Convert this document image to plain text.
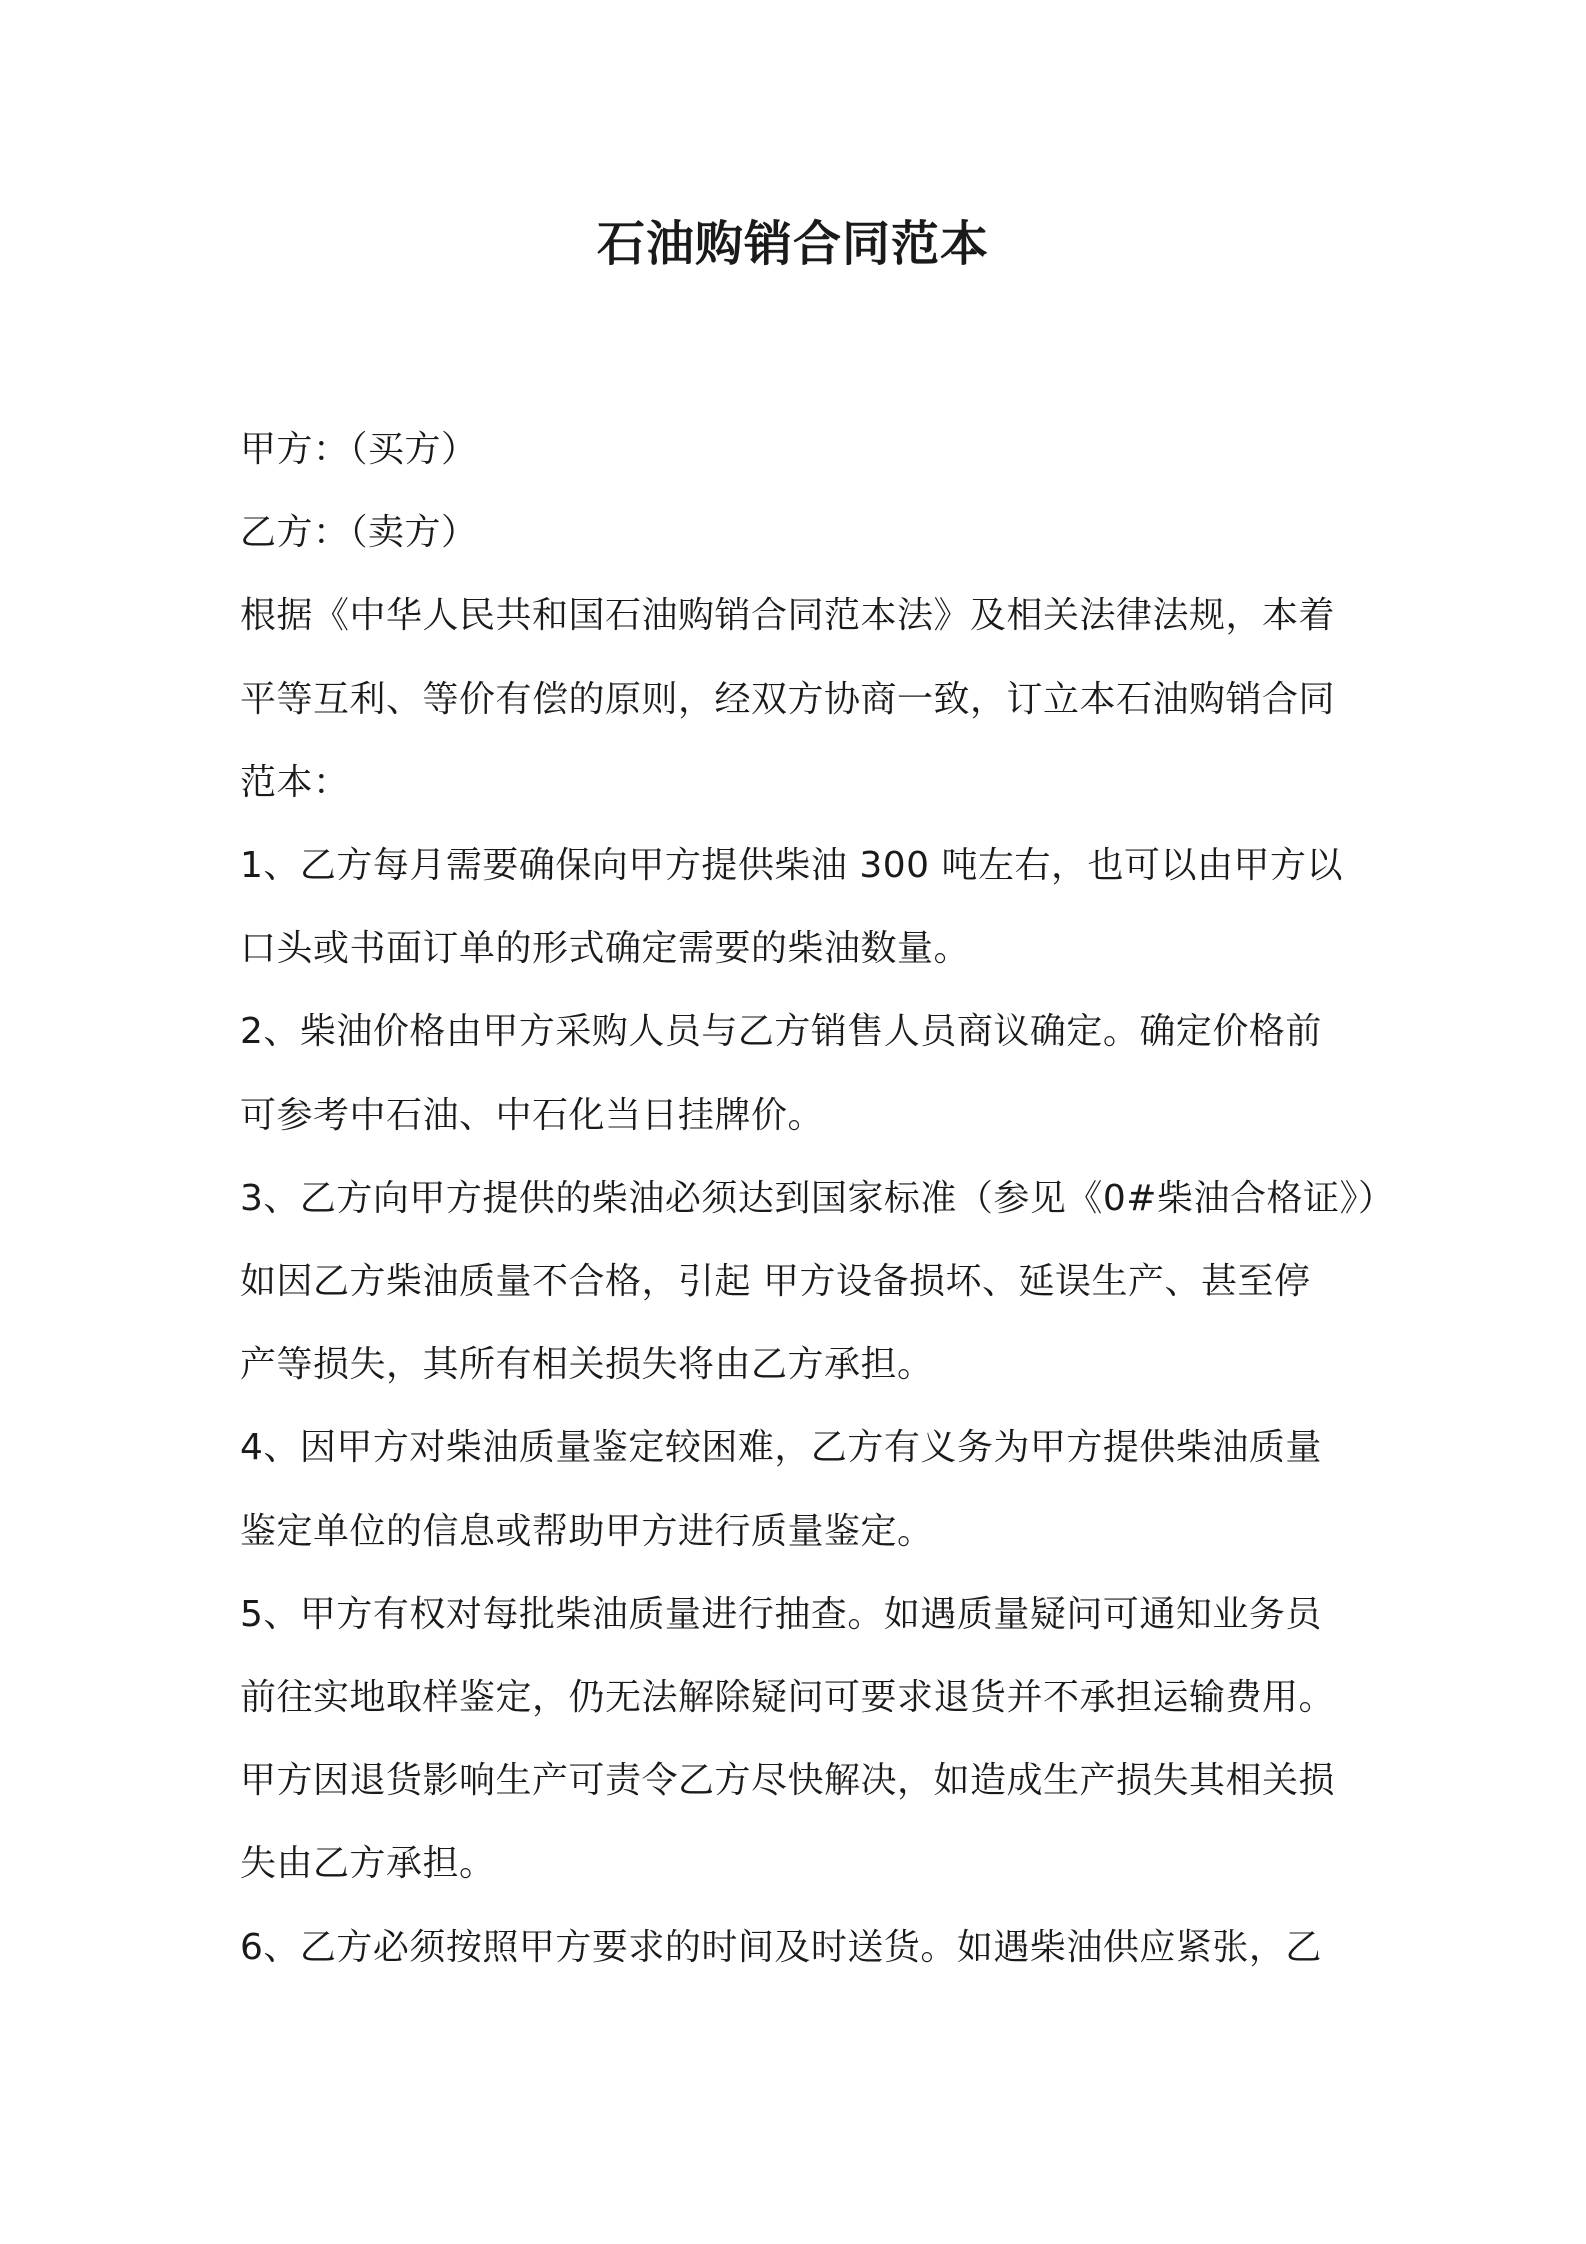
石油购销合同范本
甲方：（买方）
乙方：（卖方）
根据《中华人民共和国石油购销合同范本法》及相关法律法规，本着
平等互利、等价有偿的原则，经双方协商一致，订立本石油购销合同
范本：
1、乙方每月需要确保向甲方提供柴油 300 吨左右，也可以由甲方以
口头或书面订单的形式确定需要的柴油数量。
2、柴油价格由甲方采购人员与乙方销售人员商议确定。确定价格前
可参考中石油、中石化当日挂牌价。
3、乙方向甲方提供的柴油必须达到国家标准（参见《0#柴油合格证》）
如因乙方柴油质量不合格，引起 甲方设备损坏、延误生产、甚至停
产等损失，其所有相关损失将由乙方承担。
4、因甲方对柴油质量鉴定较困难，乙方有义务为甲方提供柴油质量
鉴定单位的信息或帮助甲方进行质量鉴定。
5、甲方有权对每批柴油质量进行抽查。如遇质量疑问可通知业务员
前往实地取样鉴定，仍无法解除疑问可要求退货并不承担运输费用。
甲方因退货影响生产可责令乙方尽快解决，如造成生产损失其相关损
失由乙方承担。
6、乙方必须按照甲方要求的时间及时送货。如遇柴油供应紧张，乙
